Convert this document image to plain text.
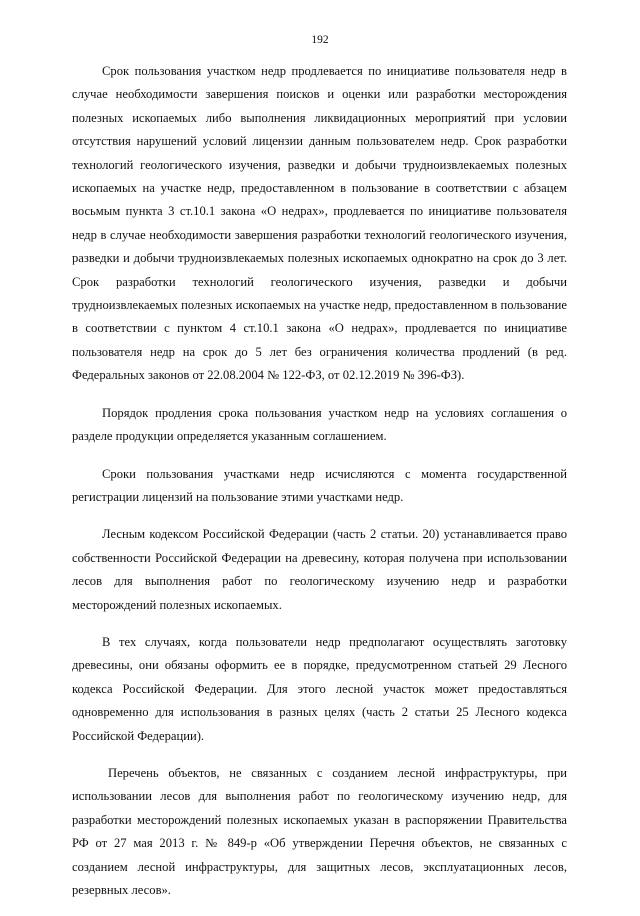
192

Срок пользования участком недр продлевается по инициативе пользователя недр в случае необходимости завершения поисков и оценки или разработки месторождения полезных ископаемых либо выполнения ликвидационных мероприятий при условии отсутствия нарушений условий лицензии данным пользователем недр. Срок разработки технологий геологического изучения, разведки и добычи трудноизвлекаемых полезных ископаемых на участке недр, предоставленном в пользование в соответствии с абзацем восьмым пункта 3 ст.10.1 закона «О недрах», продлевается по инициативе пользователя недр в случае необходимости завершения разработки технологий геологического изучения, разведки и добычи трудноизвлекаемых полезных ископаемых однократно на срок до 3 лет. Срок разработки технологий геологического изучения, разведки и добычи трудноизвлекаемых полезных ископаемых на участке недр, предоставленном в пользование в соответствии с пунктом 4 ст.10.1 закона «О недрах», продлевается по инициативе пользователя недр на срок до 5 лет без ограничения количества продлений (в ред. Федеральных законов от 22.08.2004 № 122-ФЗ, от 02.12.2019 № 396-ФЗ).

Порядок продления срока пользования участком недр на условиях соглашения о разделе продукции определяется указанным соглашением.

Сроки пользования участками недр исчисляются с момента государственной регистрации лицензий на пользование этими участками недр.

Лесным кодексом Российской Федерации (часть 2 статьи. 20) устанавливается право собственности Российской Федерации на древесину, которая получена при использовании лесов для выполнения работ по геологическому изучению недр и разработки месторождений полезных ископаемых.

В тех случаях, когда пользователи недр предполагают осуществлять заготовку древесины, они обязаны оформить ее в порядке, предусмотренном статьей 29 Лесного кодекса Российской Федерации. Для этого лесной участок может предоставляться одновременно для использования в разных целях (часть 2 статьи 25 Лесного кодекса Российской Федерации).

Перечень объектов, не связанных с созданием лесной инфраструктуры, при использовании лесов для выполнения работ по геологическому изучению недр, для разработки месторождений полезных ископаемых указан в распоряжении Правительства РФ от 27 мая 2013 г. № 849-р «Об утверждении Перечня объектов, не связанных с созданием лесной инфраструктуры, для защитных лесов, эксплуатационных лесов, резервных лесов».
